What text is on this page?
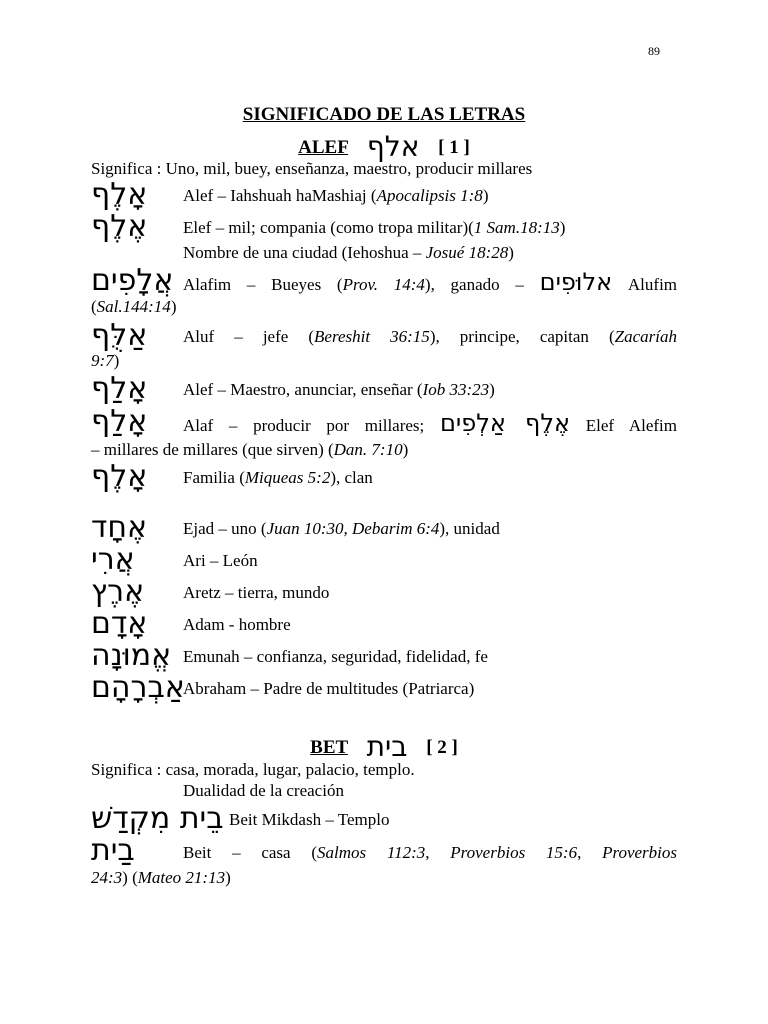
89
SIGNIFICADO DE LAS LETRAS
ALEF אלף [ 1 ]
Significa : Uno, mil, buey, enseñanza, maestro, producir millares
אָלֶף Alef – Iahshuah haMashiaj (Apocalipsis 1:8)
אֶלֶף Elef – mil; compania (como tropa militar)(1 Sam.18:13)
Nombre de una ciudad (Iehoshua – Josué 18:28)
אֲלָפִים Alafim – Bueyes (Prov. 14:4), ganado – אלוּפִים Alufim
(Sal.144:14)
אַלֻּף Aluf – jefe (Bereshit 36:15), principe, capitan (Zacaríah
9:7)
אָלַף Alef – Maestro, anunciar, enseñar (Iob 33:23)
אָלַף Alaf – producir por millares; אֶלֶף אַלְפִים Elef Alefim
– millares de millares (que sirven) (Dan. 7:10)
אָלֶף Familia (Miqueas 5:2), clan
אֶחָד Ejad – uno (Juan 10:30, Debarim 6:4), unidad
אֲרִי	Ari – León
אֶרֶץ Aretz – tierra, mundo
אָדָם Adam - hombre
אֱמוּנָה Emunah – confianza, seguridad, fidelidad, fe
אַבְרָהָם
Abraham – Padre de multitudes (Patriarca)
BET בית [ 2 ]
Significa : casa, morada, lugar, palacio, templo.
Dualidad de la creación
בֵית מִקְדַשׁ Beit Mikdash – Templo
בַית	Beit – casa (Salmos 112:3, Proverbios 15:6, Proverbios
24:3) (Mateo 21:13)
